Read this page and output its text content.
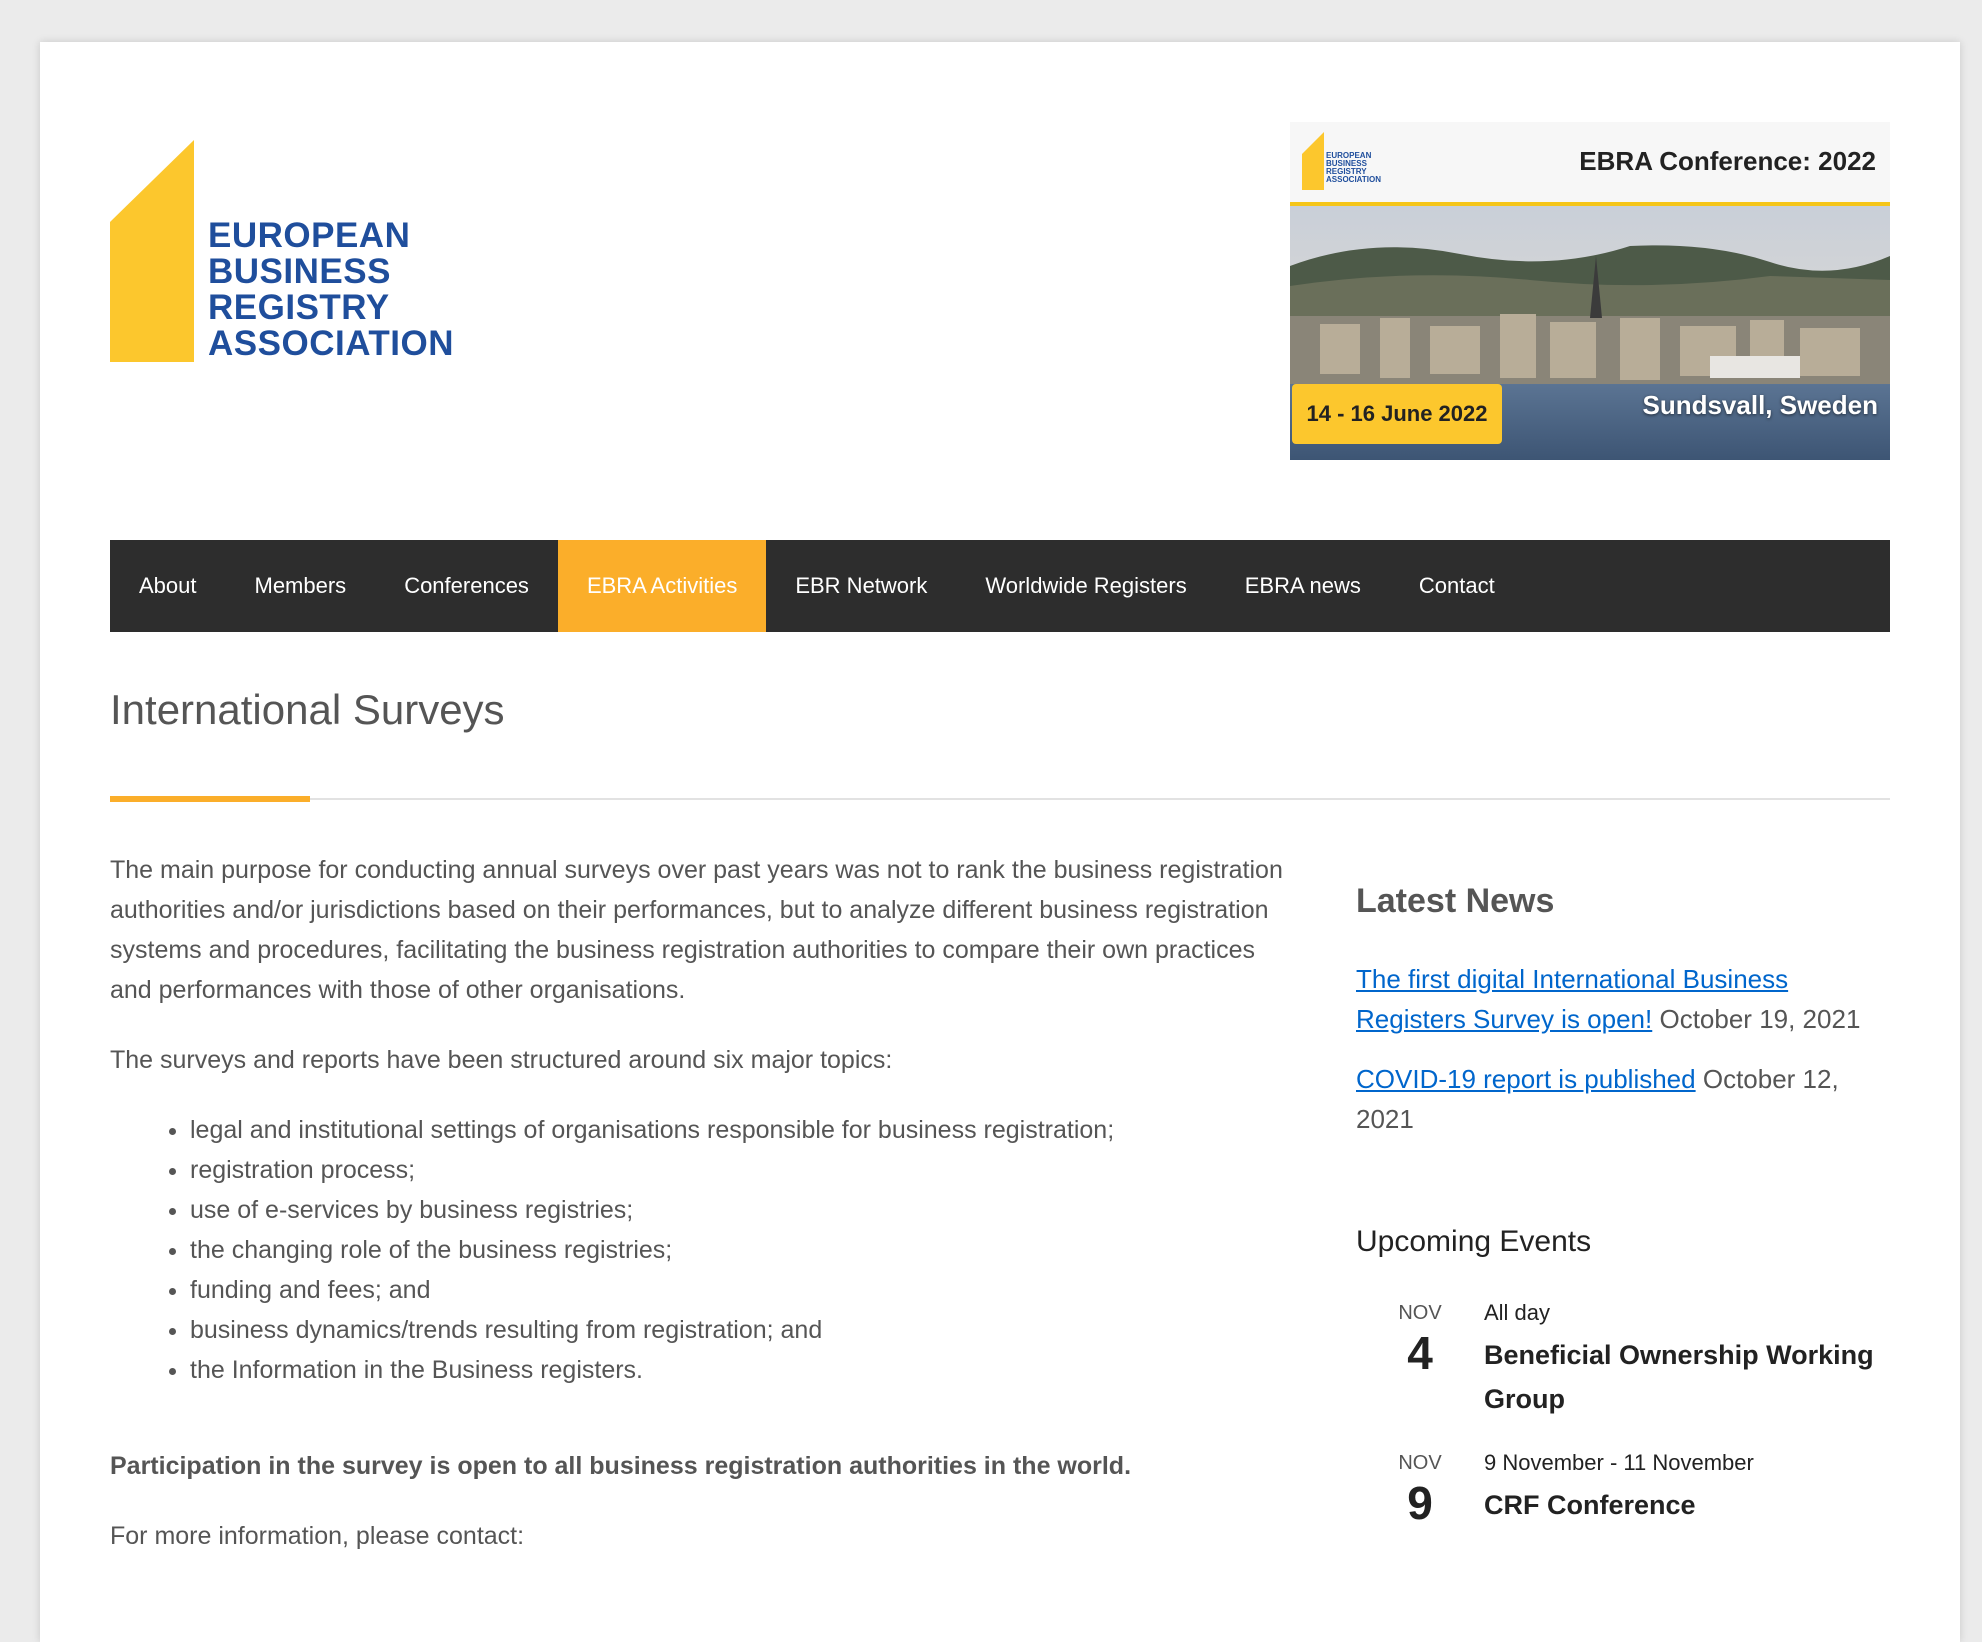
EUROPEAN
BUSINESS
REGISTRY
ASSOCIATION
EUROPEAN
BUSINESS
REGISTRY
ASSOCIATION
EBRA Conference: 2022
14 - 16 June 2022	Sundsvall, Sweden
About	Members	Conferences	EBRA Activities	EBR Network	Worldwide Registers	EBRA news	Contact
International Surveys

The main purpose for conducting annual surveys over past years was not to rank the business registration authorities and/or jurisdictions based on their performances, but to analyze different business registration systems and procedures, facilitating the business registration authorities to compare their own practices and performances with those of other organisations.

The surveys and reports have been structured around six major topics:

• legal and institutional settings of organisations responsible for business registration;
• registration process;
• use of e-services by business registries;
• the changing role of the business registries;
• funding and fees; and
• business dynamics/trends resulting from registration; and
• the Information in the Business registers.

Participation in the survey is open to all business registration authorities in the world.

For more information, please contact:

Latest News
The first digital International Business Registers Survey is open! October 19, 2021
COVID-19 report is published October 12, 2021
Upcoming Events
NOV
4
All day
Beneficial Ownership Working Group
NOV
9
9 November - 11 November
CRF Conference
